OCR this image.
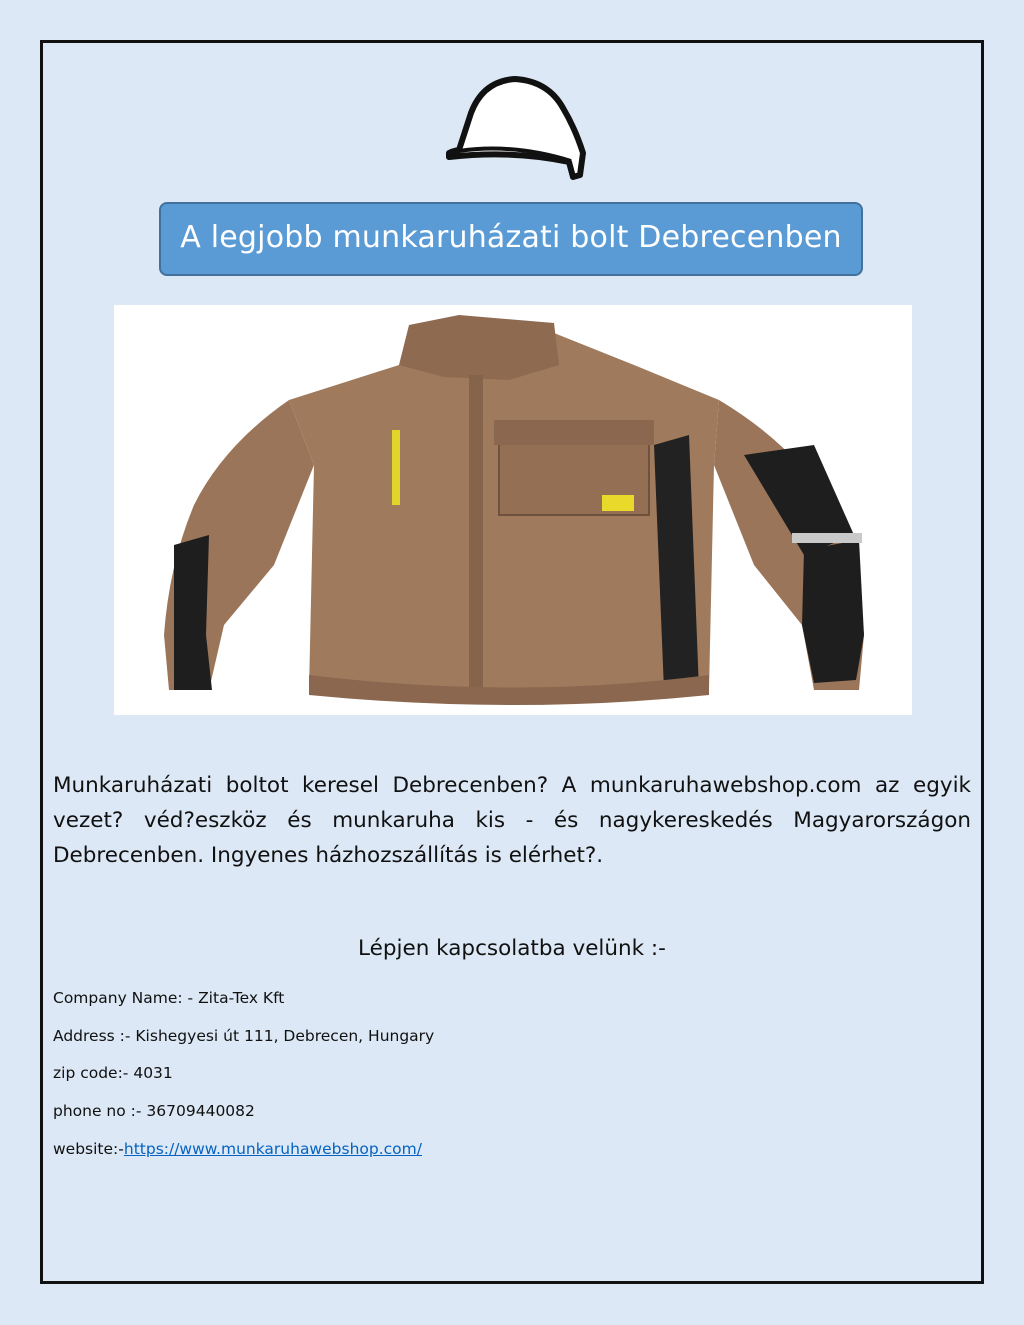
A legjobb munkaruházati bolt Debrecenben
Munkaruházati boltot keresel Debrecenben? A munkaruhawebshop.com az egyik vezet? véd?eszköz és munkaruha kis - és nagykereskedés Magyarországon Debrecenben. Ingyenes házhozszállítás is elérhet?.
Lépjen kapcsolatba velünk :-
Company Name: - Zita-Tex Kft
Address :- Kishegyesi út 111, Debrecen, Hungary
zip code:- 4031
phone no :- 36709440082
website:-https://www.munkaruhawebshop.com/
